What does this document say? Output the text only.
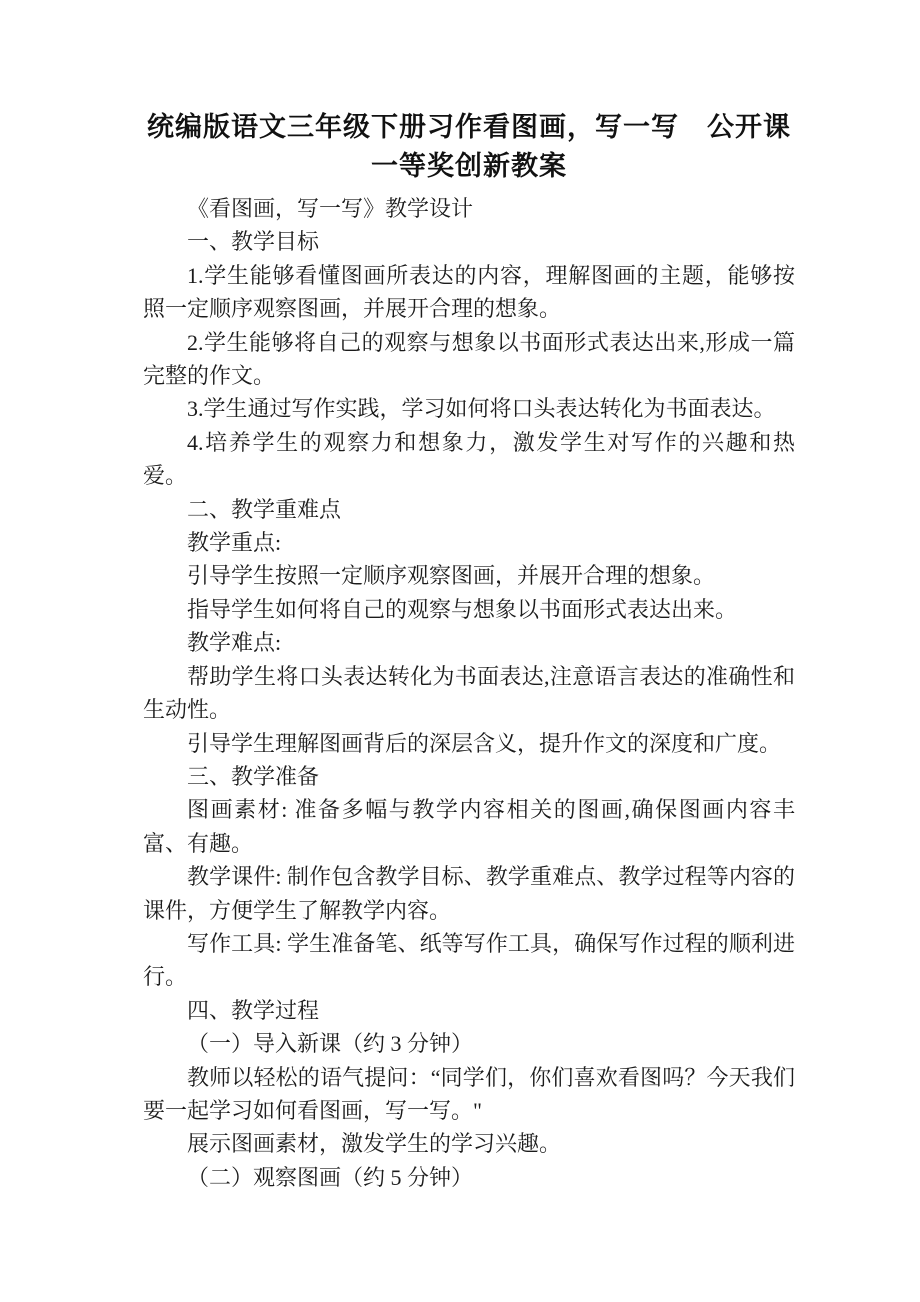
统编版语文三年级下册习作看图画，写一写　公开课一等奖创新教案

《看图画，写一写》教学设计

一、教学目标

1.学生能够看懂图画所表达的内容，理解图画的主题，能够按照一定顺序观察图画，并展开合理的想象。

2.学生能够将自己的观察与想象以书面形式表达出来,形成一篇完整的作文。

3.学生通过写作实践，学习如何将口头表达转化为书面表达。

4.培养学生的观察力和想象力，激发学生对写作的兴趣和热爱。

二、教学重难点

教学重点:

引导学生按照一定顺序观察图画，并展开合理的想象。

指导学生如何将自己的观察与想象以书面形式表达出来。

教学难点:

帮助学生将口头表达转化为书面表达,注意语言表达的准确性和生动性。

引导学生理解图画背后的深层含义，提升作文的深度和广度。

三、教学准备

图画素材: 准备多幅与教学内容相关的图画,确保图画内容丰富、有趣。

教学课件: 制作包含教学目标、教学重难点、教学过程等内容的课件，方便学生了解教学内容。

写作工具: 学生准备笔、纸等写作工具，确保写作过程的顺利进行。

四、教学过程

（一）导入新课（约 3 分钟）

教师以轻松的语气提问：“同学们，你们喜欢看图吗？今天我们要一起学习如何看图画，写一写。"

展示图画素材，激发学生的学习兴趣。

（二）观察图画（约 5 分钟）
